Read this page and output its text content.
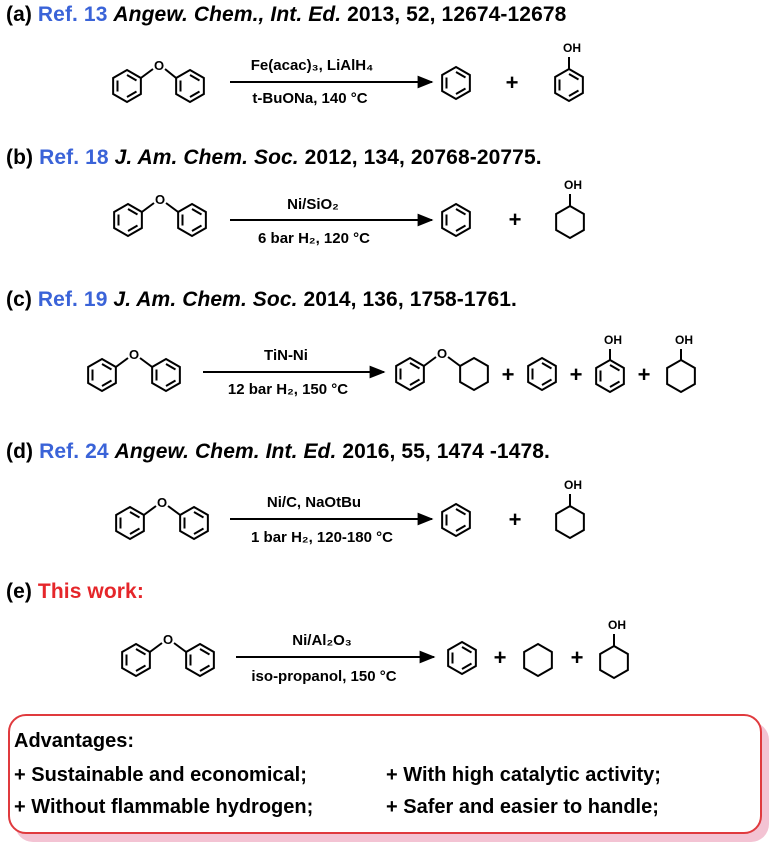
(a) Ref. 13 Angew. Chem., Int. Ed. 2013, 52, 12674-12678
(b) Ref. 18 J. Am. Chem. Soc. 2012, 134, 20768-20775.
(c) Ref. 19 J. Am. Chem. Soc. 2014, 136, 1758-1761.
(d) Ref. 24 Angew. Chem. Int. Ed. 2016, 55, 1474 -1478.
(e) This work:
O	Fe(acac)₃, LiAlH₄
t-BuONa, 140 °C
+
OH
O	Ni/SiO₂
6 bar H₂, 120 °C
+
OH
O	TiN-Ni
12 bar H₂, 150 °C
O
+	+
OH
+
OH
O	Ni/C, NaOtBu
1 bar H₂, 120-180 °C
+
OH
O	Ni/Al₂O₃
iso-propanol, 150 °C
+	+
OH
Advantages:
+ Sustainable and economical;	+ With high catalytic activity;
+ Without flammable hydrogen;	+ Safer and easier to handle;
